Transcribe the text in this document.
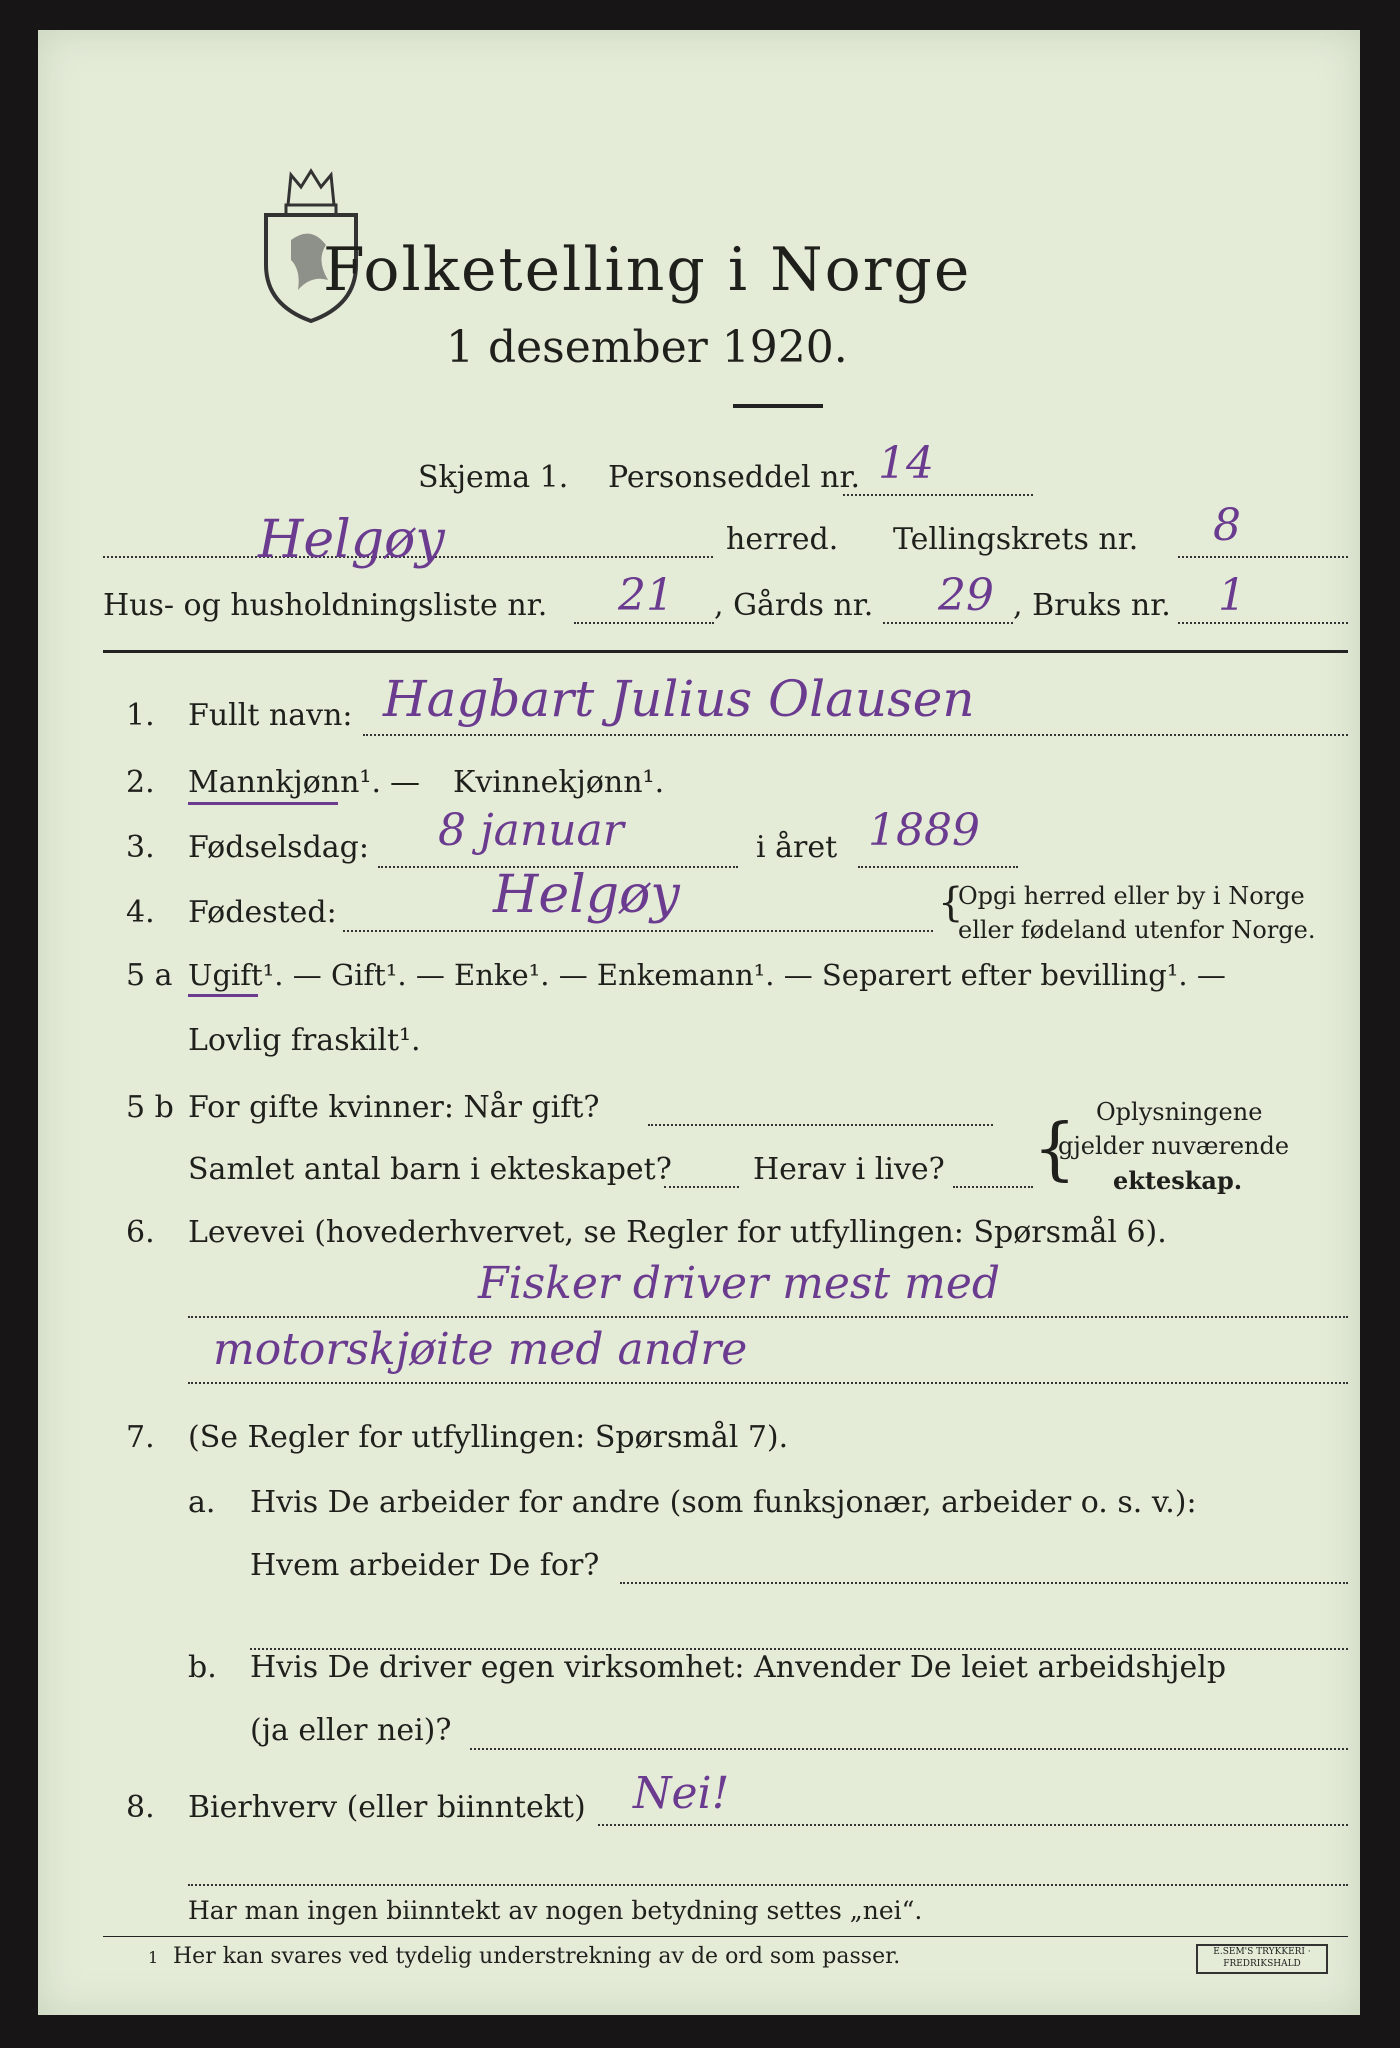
Folketelling i Norge
1 desember 1920.
Skjema 1. Personseddel nr. 14
Helgøy	herred. Tellingskrets nr. 8
Hus- og husholdningsliste nr. 21 , Gårds nr. 29 , Bruks nr. 1
1. Fullt navn: Hagbart Julius Olausen
2. Mannkjønn¹. — Kvinnekjønn¹.
3. Fødselsdag: 8 januar	i året 1889
4. Fødested:	Helgøy	{
Opgi herred eller by i Norge
eller fødeland utenfor Norge.
5 a Ugift¹. — Gift¹. — Enke¹. — Enkemann¹. — Separert efter bevilling¹. —
Lovlig fraskilt¹.
5 b For gifte kvinner: Når gift?
Samlet antal barn i ekteskapet?	Herav i live? { Oplysningene
gjelder nuværende
ekteskap.
6. Levevei (hovederhvervet, se Regler for utfyllingen: Spørsmål 6).
Fisker driver mest med
motorskjøite med andre
7. (Se Regler for utfyllingen: Spørsmål 7).
a. Hvis De arbeider for andre (som funksjonær, arbeider o. s. v.):
Hvem arbeider De for?
b. Hvis De driver egen virksomhet: Anvender De leiet arbeidshjelp
(ja eller nei)?
8. Bierhverv (eller biinntekt) Nei!
Har man ingen biinntekt av nogen betydning settes „nei“.
1 Her kan svares ved tydelig understrekning av de ord som passer.	E.SEM'S TRYKKERI · FREDRIKSHALD
